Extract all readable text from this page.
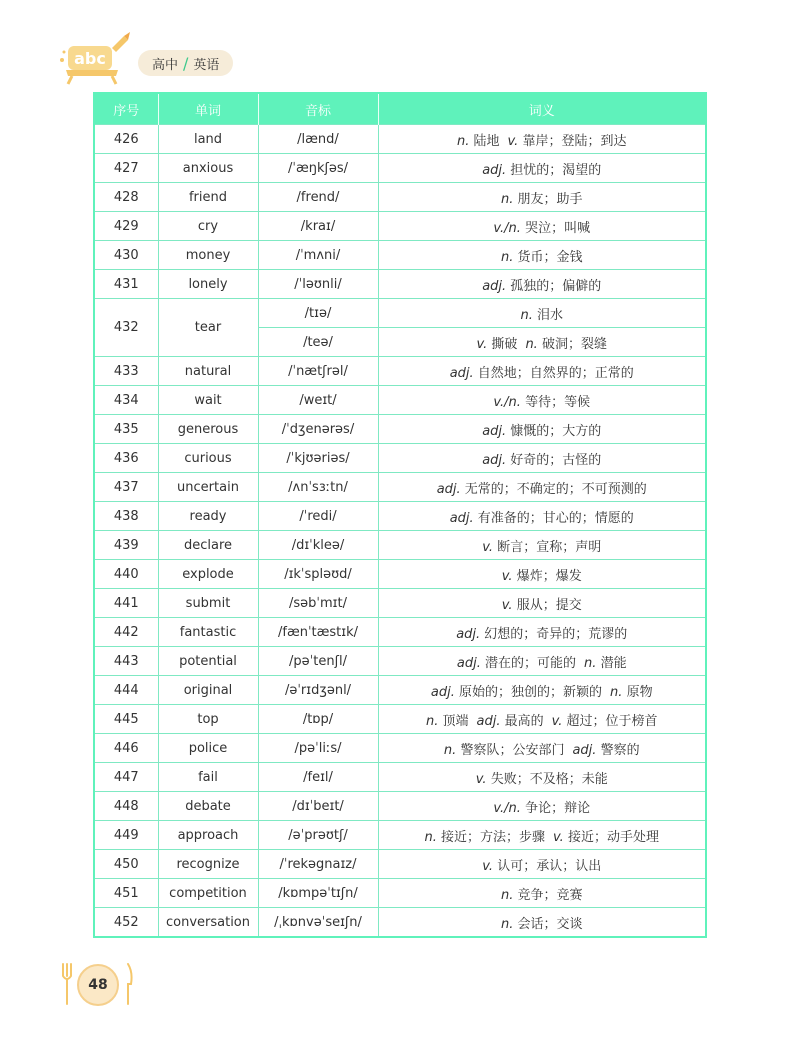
abc	高中 / 英语
序号	单词	音标	词义
426	land	/lænd/	n. 陆地 v. 靠岸；登陆；到达
427	anxious	/ˈæŋkʃəs/	adj. 担忧的；渴望的
428	friend	/frend/	n. 朋友；助手
429	cry	/kraɪ/	v./n. 哭泣；叫喊
430	money	/ˈmʌni/	n. 货币；金钱
431	lonely	/ˈləʊnli/	adj. 孤独的；偏僻的
432	tear	/tɪə/	n. 泪水
		/teə/	v. 撕破 n. 破洞；裂缝
433	natural	/ˈnætʃrəl/	adj. 自然地；自然界的；正常的
434	wait	/weɪt/	v./n. 等待；等候
435	generous	/ˈdʒenərəs/	adj. 慷慨的；大方的
436	curious	/ˈkjʊəriəs/	adj. 好奇的；古怪的
437	uncertain	/ʌnˈsɜːtn/	adj. 无常的；不确定的；不可预测的
438	ready	/ˈredi/	adj. 有准备的；甘心的；情愿的
439	declare	/dɪˈkleə/	v. 断言；宣称；声明
440	explode	/ɪkˈspləʊd/	v. 爆炸；爆发
441	submit	/səbˈmɪt/	v. 服从；提交
442	fantastic	/fænˈtæstɪk/	adj. 幻想的；奇异的；荒谬的
443	potential	/pəˈtenʃl/	adj. 潜在的；可能的 n. 潜能
444	original	/əˈrɪdʒənl/	adj. 原始的；独创的；新颖的 n. 原物
445	top	/tɒp/	n. 顶端 adj. 最高的 v. 超过；位于榜首
446	police	/pəˈliːs/	n. 警察队；公安部门 adj. 警察的
447	fail	/feɪl/	v. 失败；不及格；未能
448	debate	/dɪˈbeɪt/	v./n. 争论；辩论
449	approach	/əˈprəʊtʃ/	n. 接近；方法；步骤 v. 接近；动手处理
450	recognize	/ˈrekəgnaɪz/	v. 认可；承认；认出
451	competition	/kɒmpəˈtɪʃn/	n. 竞争；竞赛
452	conversation	/ˌkɒnvəˈseɪʃn/	n. 会话；交谈
48
